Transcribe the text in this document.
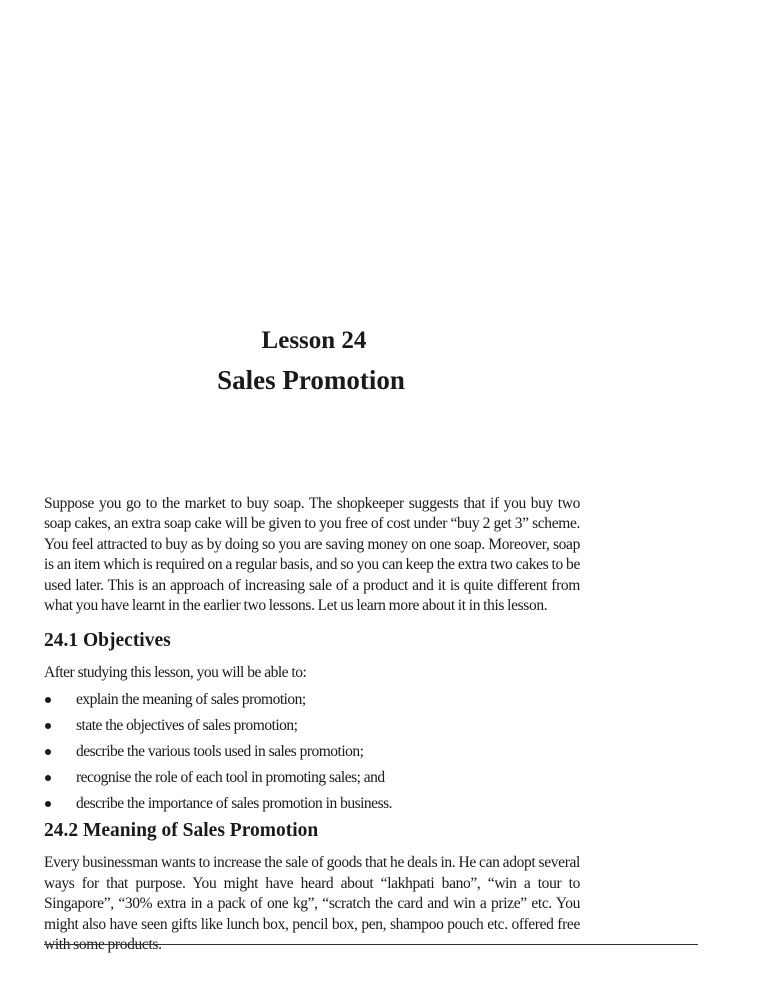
Lesson 24
Sales Promotion

Suppose you go to the market to buy soap. The shopkeeper suggests that if you buy two soap cakes, an extra soap cake will be given to you free of cost under “buy 2 get 3” scheme. You feel attracted to buy as by doing so you are saving money on one soap. Moreover, soap is an item which is required on a regular basis, and so you can keep the extra two cakes to be used later. This is an approach of increasing sale of a product and it is quite different from what you have learnt in the earlier two lessons. Let us learn more about it in this lesson.

24.1 Objectives

After studying this lesson, you will be able to:

explain the meaning of sales promotion;
state the objectives of sales promotion;
describe the various tools used in sales promotion;
recognise the role of each tool in promoting sales; and
describe the importance of sales promotion in business.
24.2 Meaning of Sales Promotion

Every businessman wants to increase the sale of goods that he deals in. He can adopt several ways for that purpose. You might have heard about “lakhpati bano”, “win a tour to Singapore”, “30% extra in a pack of one kg”, “scratch the card and win a prize” etc. You might also have seen gifts like lunch box, pencil box, pen, shampoo pouch etc. offered free with some products.
